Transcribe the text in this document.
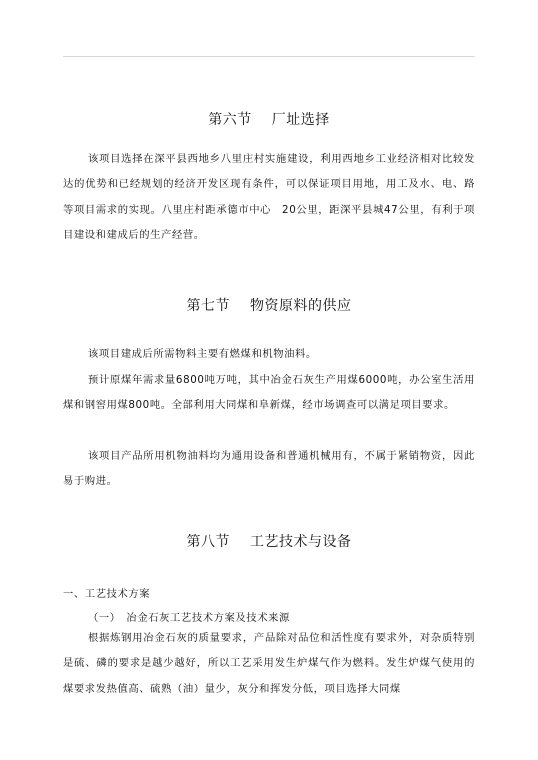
第六节 厂址选择
该项目选择在深平县西地乡八里庄村实施建设，利用西地乡工业经济相对比较发达的优势和已经规划的经济开发区现有条件，可以保证项目用地，用工及水、电、路等项目需求的实现。八里庄村距承德市中心　20公里，距深平县城47公里，有利于项目建设和建成后的生产经营。
第七节 物资原料的供应
该项目建成后所需物料主要有燃煤和机物油料。
预计原煤年需求量6800吨万吨，其中冶金石灰生产用煤6000吨，办公室生活用煤和钢窖用煤800吨。全部利用大同煤和阜新煤，经市场调查可以满足项目要求。
该项目产品所用机物油料均为通用设备和普通机械用有，不属于紧销物资，因此易于购进。
第八节 工艺技术与设备
一、工艺技术方案
（一）　冶金石灰工艺技术方案及技术来源
根据炼钢用冶金石灰的质量要求，产品除对品位和活性度有要求外，对杂质特别是硫、磷的要求是越少越好，所以工艺采用发生炉煤气作为燃料。发生炉煤气使用的煤要求发热值高、硫熟（油）量少，灰分和挥发分低，项目选择大同煤
